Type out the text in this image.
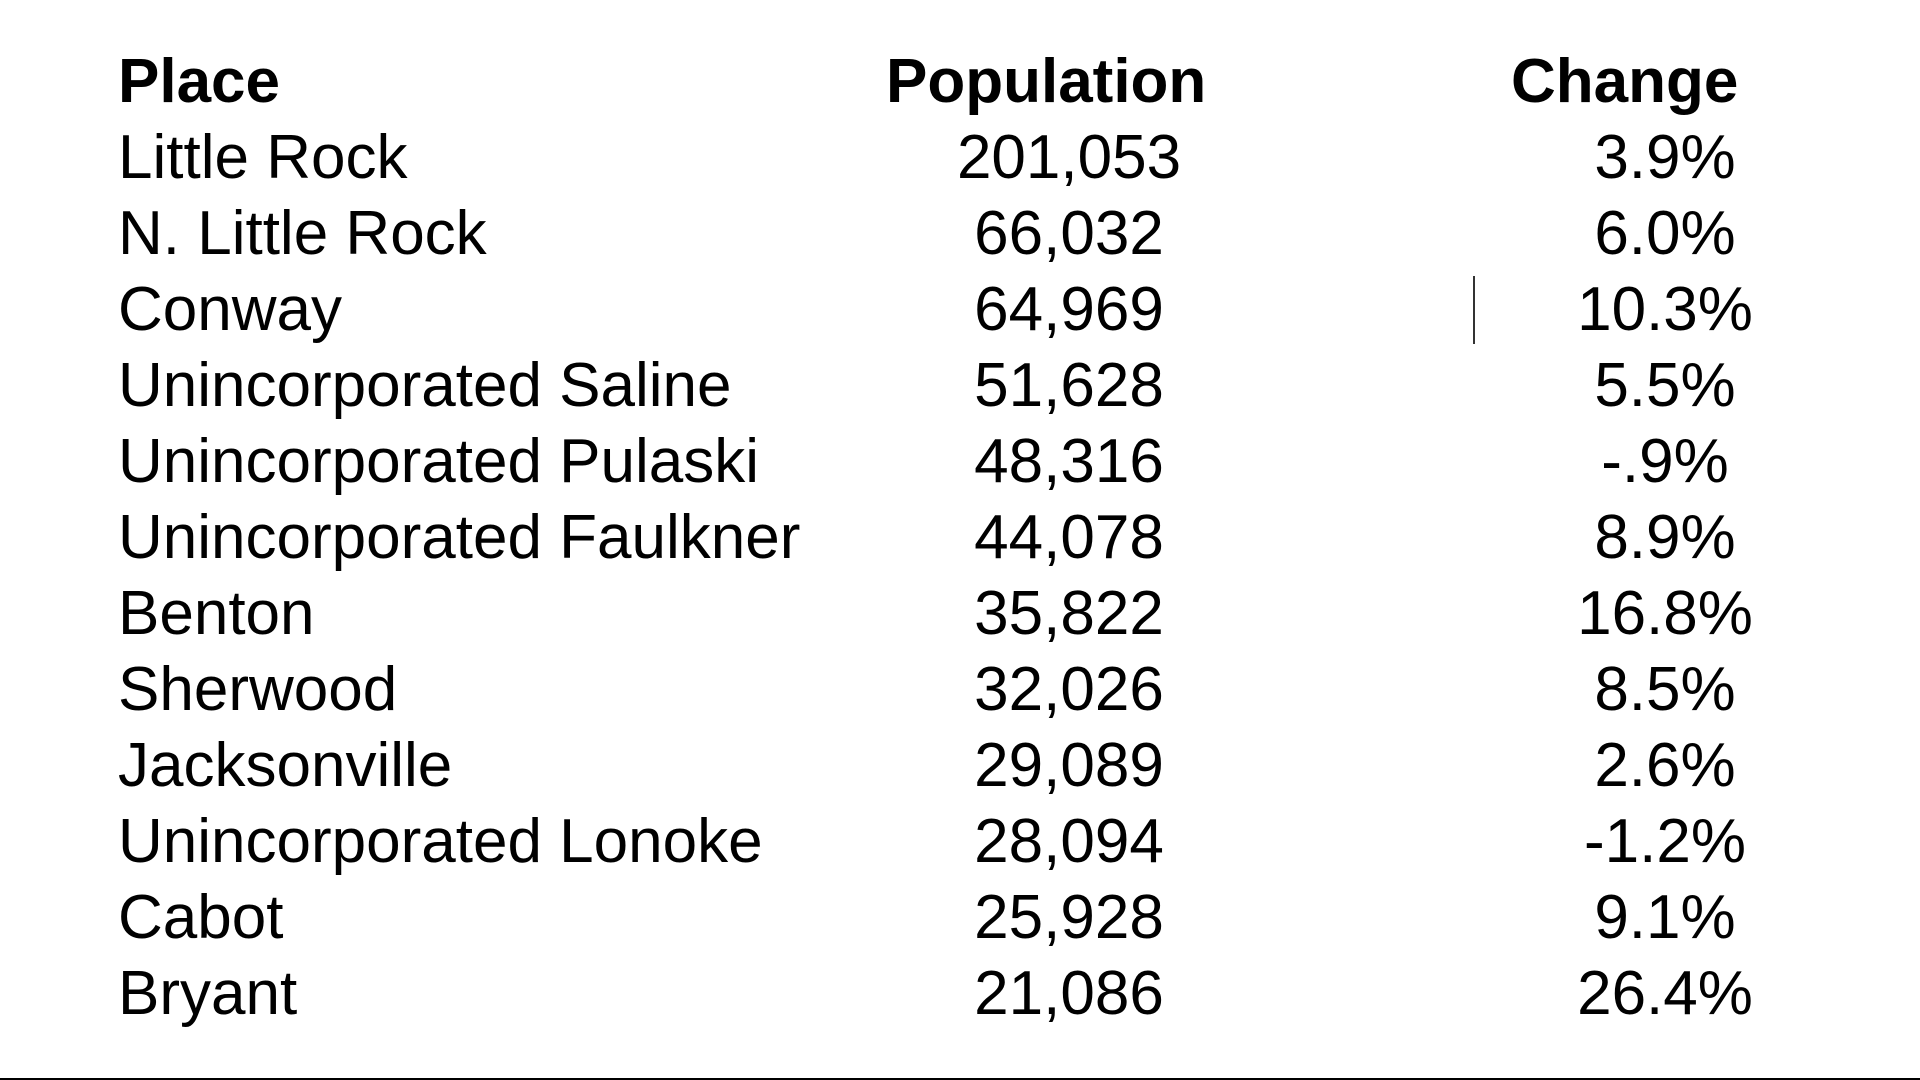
Place	Population	Change
Little Rock	201,053	3.9%
N. Little Rock	66,032	6.0%
Conway	64,969	10.3%
Unincorporated Saline	51,628	5.5%
Unincorporated Pulaski	48,316	-.9%
Unincorporated Faulkner	44,078	8.9%
Benton	35,822	16.8%
Sherwood	32,026	8.5%
Jacksonville	29,089	2.6%
Unincorporated Lonoke	28,094	-1.2%
Cabot	25,928	9.1%
Bryant	21,086	26.4%
